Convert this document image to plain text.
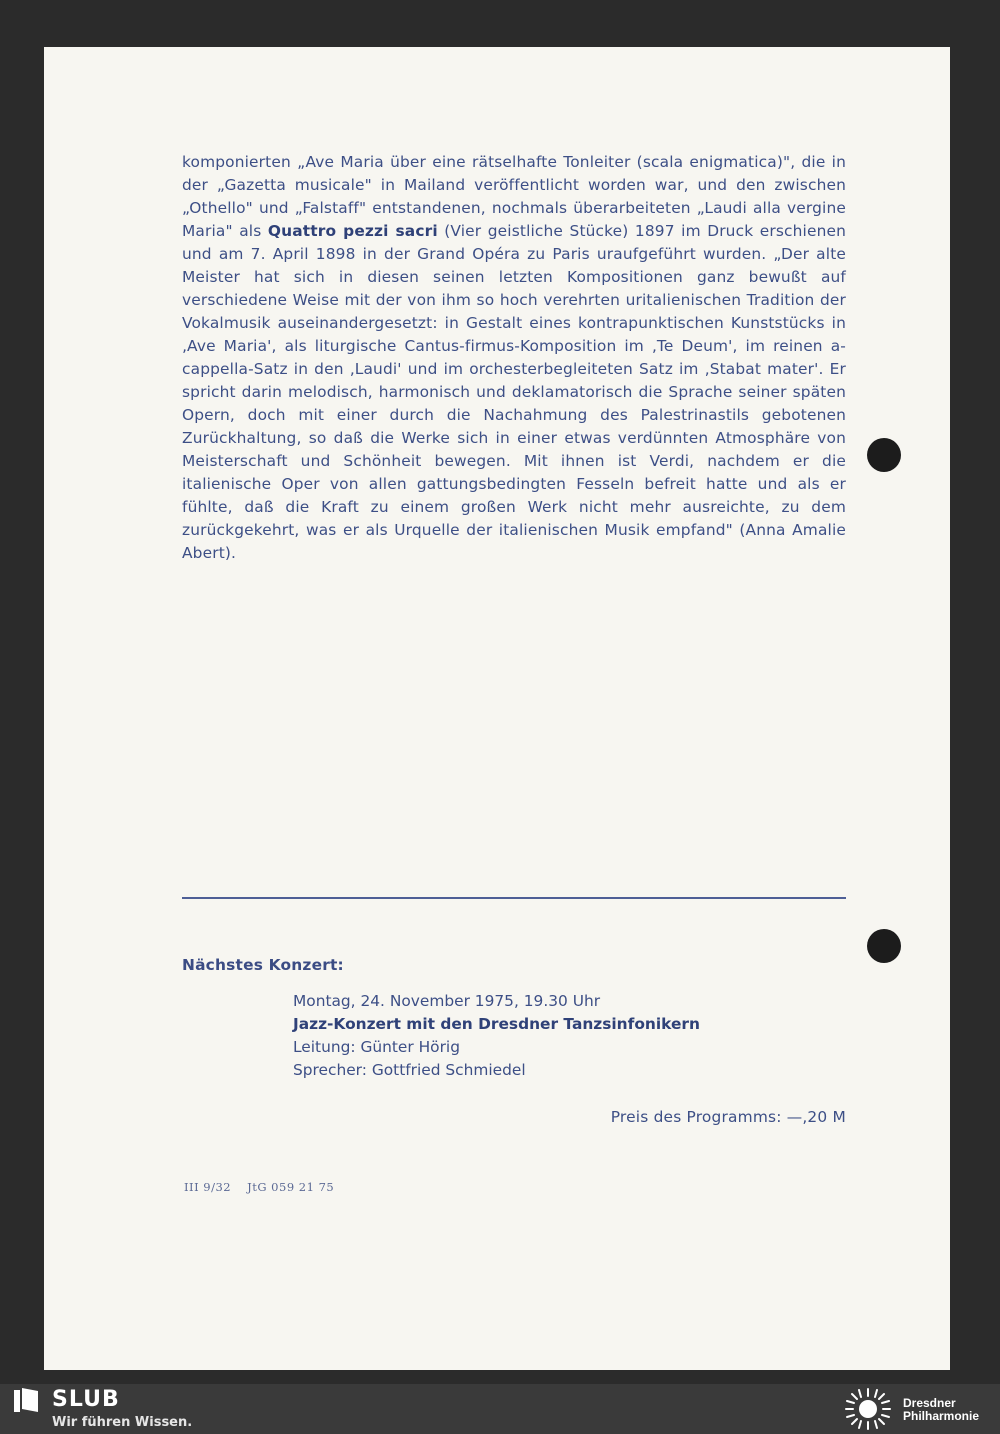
komponierten „Ave Maria über eine rätselhafte Tonleiter (scala enigmatica)", die in der „Gazetta musicale" in Mailand veröffentlicht worden war, und den zwischen „Othello" und „Falstaff" entstandenen, nochmals überarbeiteten „Laudi alla vergine Maria" als Quattro pezzi sacri (Vier geistliche Stücke) 1897 im Druck erschienen und am 7. April 1898 in der Grand Opéra zu Paris uraufgeführt wurden. „Der alte Meister hat sich in diesen seinen letzten Kompositionen ganz bewußt auf verschiedene Weise mit der von ihm so hoch verehrten uritalienischen Tradition der Vokalmusik auseinandergesetzt: in Gestalt eines kontrapunktischen Kunststücks in ‚Ave Maria', als liturgische Cantus-firmus-Komposition im ‚Te Deum', im reinen a-cappella-Satz in den ‚Laudi' und im orchesterbegleiteten Satz im ‚Stabat mater'. Er spricht darin melodisch, harmonisch und deklamatorisch die Sprache seiner späten Opern, doch mit einer durch die Nachahmung des Palestrinastils gebotenen Zurückhaltung, so daß die Werke sich in einer etwas verdünnten Atmosphäre von Meisterschaft und Schönheit bewegen. Mit ihnen ist Verdi, nachdem er die italienische Oper von allen gattungsbedingten Fesseln befreit hatte und als er fühlte, daß die Kraft zu einem großen Werk nicht mehr ausreichte, zu dem zurückgekehrt, was er als Urquelle der italienischen Musik empfand" (Anna Amalie Abert).

Nächstes Konzert:
Montag, 24. November 1975, 19.30 Uhr
Jazz-Konzert mit den Dresdner Tanzsinfonikern
Leitung: Günter Hörig
Sprecher: Gottfried Schmiedel
Preis des Programms: —,20 M
III 9/32 JtG 059 21 75
SLUB
Wir führen Wissen.
Dresdner
Philharmonie
